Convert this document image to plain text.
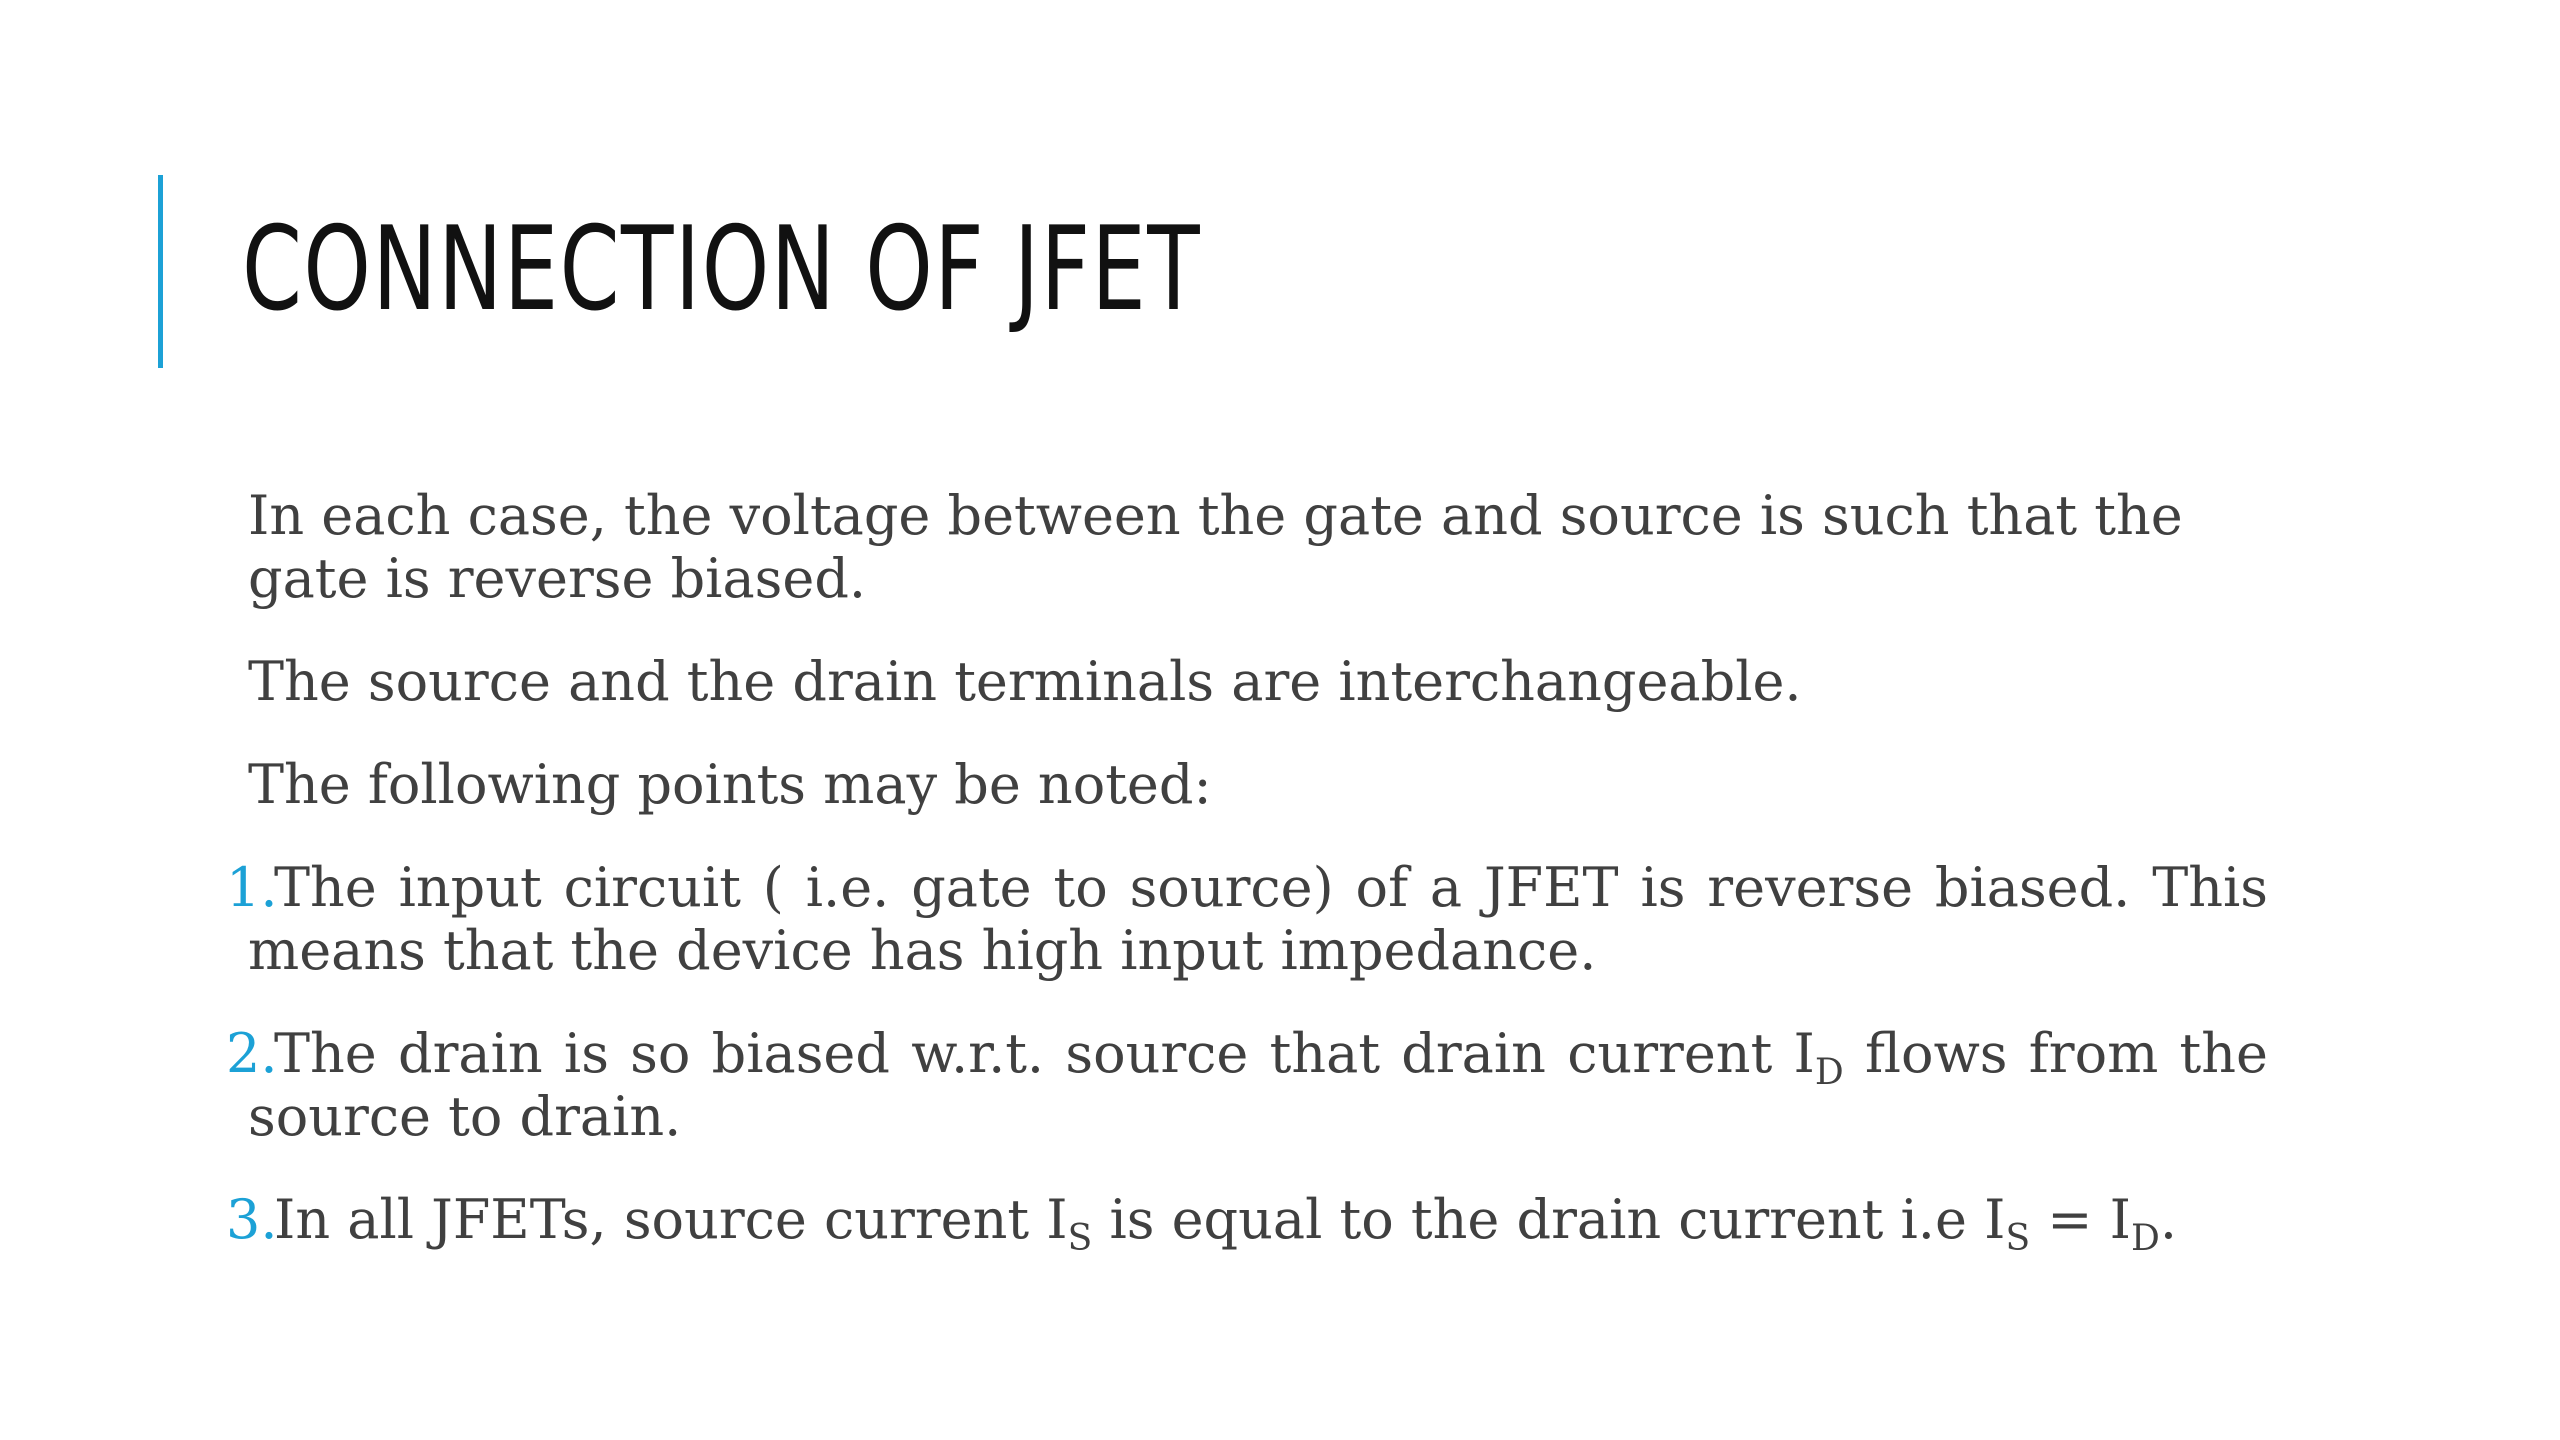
CONNECTION OF JFET

In each case, the voltage between the gate and source is such that the gate is reverse biased.

The source and the drain terminals are interchangeable.

The following points may be noted:

1.
The input circuit ( i.e. gate to source) of a JFET is reverse biased. This means that the device has high input impedance.
2.
The drain is so biased w.r.t. source that drain current $I_D$ flows from the source to drain.
3.
In all JFETs, source current $I_S$ is equal to the drain current i.e $I_S = I_D$.
